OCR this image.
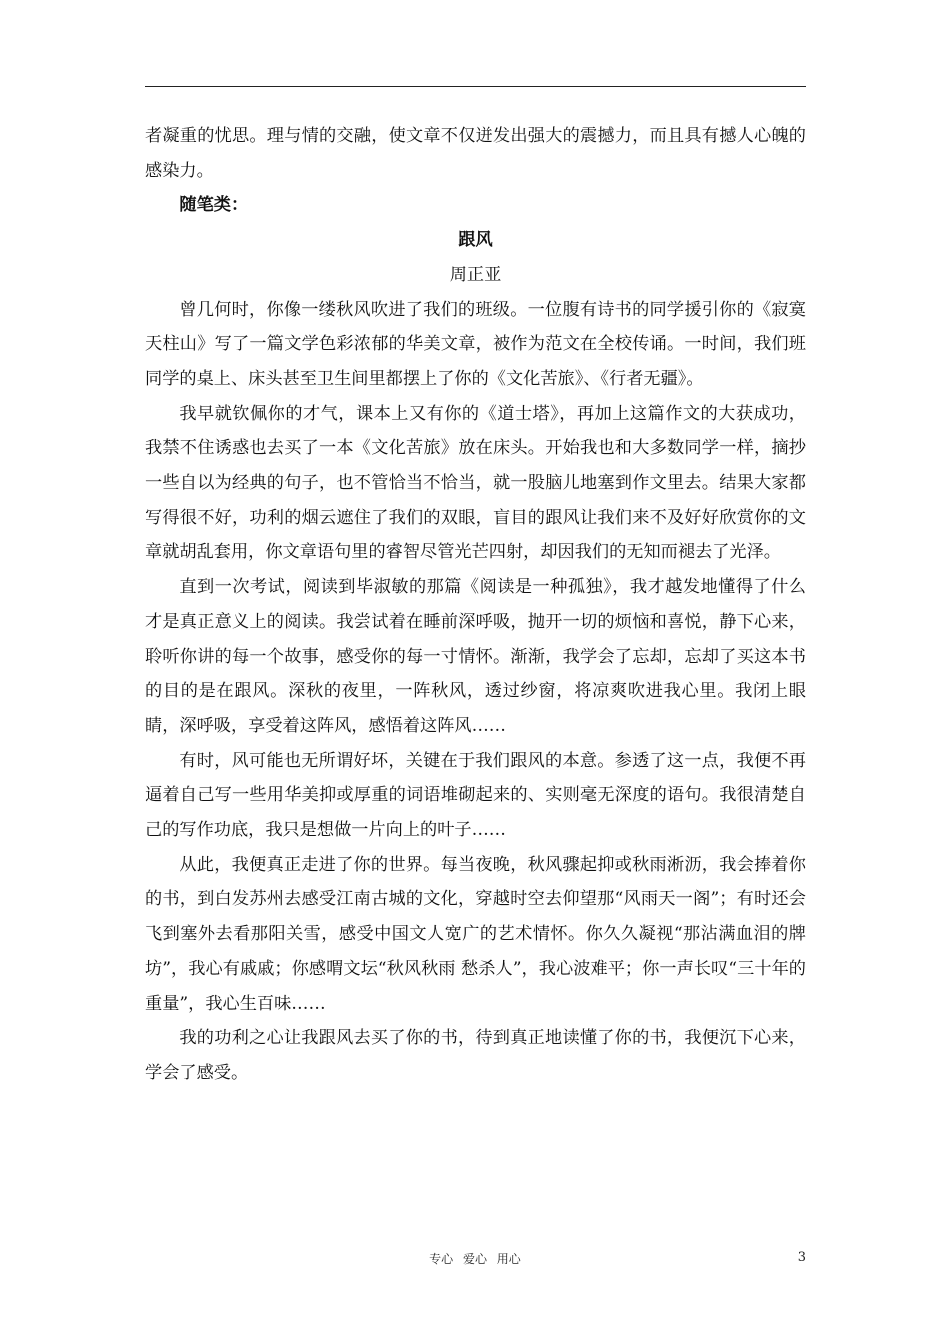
者凝重的忧思。理与情的交融，使文章不仅迸发出强大的震撼力，而且具有撼人心魄的感染力。

随笔类：

跟风

周正亚

曾几何时，你像一缕秋风吹进了我们的班级。一位腹有诗书的同学援引你的《寂寞天柱山》写了一篇文学色彩浓郁的华美文章，被作为范文在全校传诵。一时间，我们班同学的桌上、床头甚至卫生间里都摆上了你的《文化苦旅》、《行者无疆》。

我早就钦佩你的才气，课本上又有你的《道士塔》，再加上这篇作文的大获成功，我禁不住诱惑也去买了一本《文化苦旅》放在床头。开始我也和大多数同学一样，摘抄一些自以为经典的句子，也不管恰当不恰当，就一股脑儿地塞到作文里去。结果大家都写得很不好，功利的烟云遮住了我们的双眼，盲目的跟风让我们来不及好好欣赏你的文章就胡乱套用，你文章语句里的睿智尽管光芒四射，却因我们的无知而褪去了光泽。

直到一次考试，阅读到毕淑敏的那篇《阅读是一种孤独》，我才越发地懂得了什么才是真正意义上的阅读。我尝试着在睡前深呼吸，抛开一切的烦恼和喜悦，静下心来，聆听你讲的每一个故事，感受你的每一寸情怀。渐渐，我学会了忘却，忘却了买这本书的目的是在跟风。深秋的夜里，一阵秋风，透过纱窗，将凉爽吹进我心里。我闭上眼睛，深呼吸，享受着这阵风，感悟着这阵风……

有时，风可能也无所谓好坏，关键在于我们跟风的本意。参透了这一点，我便不再逼着自己写一些用华美抑或厚重的词语堆砌起来的、实则毫无深度的语句。我很清楚自己的写作功底，我只是想做一片向上的叶子……

从此，我便真正走进了你的世界。每当夜晚，秋风骤起抑或秋雨淅沥，我会捧着你的书，到白发苏州去感受江南古城的文化，穿越时空去仰望那“风雨天一阁”；有时还会飞到塞外去看那阳关雪，感受中国文人宽广的艺术情怀。你久久凝视“那沾满血泪的牌坊”，我心有戚戚；你感喟文坛“秋风秋雨 愁杀人”，我心波难平；你一声长叹“三十年的重量”，我心生百味……

我的功利之心让我跟风去买了你的书，待到真正地读懂了你的书，我便沉下心来，学会了感受。

专心 爱心 用心	3
